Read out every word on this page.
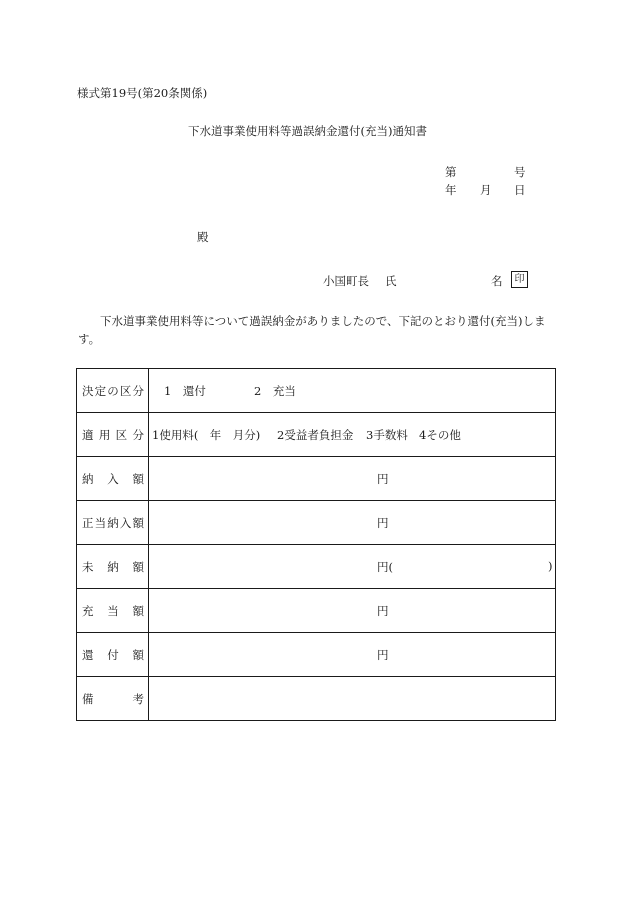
様式第19号(第20条関係)
下水道事業使用料等過誤納金還付(充当)通知書
第	号
年 月 日
殿
小国町長 氏	名	印
下水道事業使用料等について過誤納金がありましたので、下記のとおり還付(充当)します。
決 定 の 区 分	1　還付 2　充当

適 用 区 分	1使用料(　年　月分) 2受益者負担金 3手数料 4その他

納 入 額	円

正 当 納 入 額	円

未 納 額	円( )

充 当 額	円

還 付 額	円

備 考	
